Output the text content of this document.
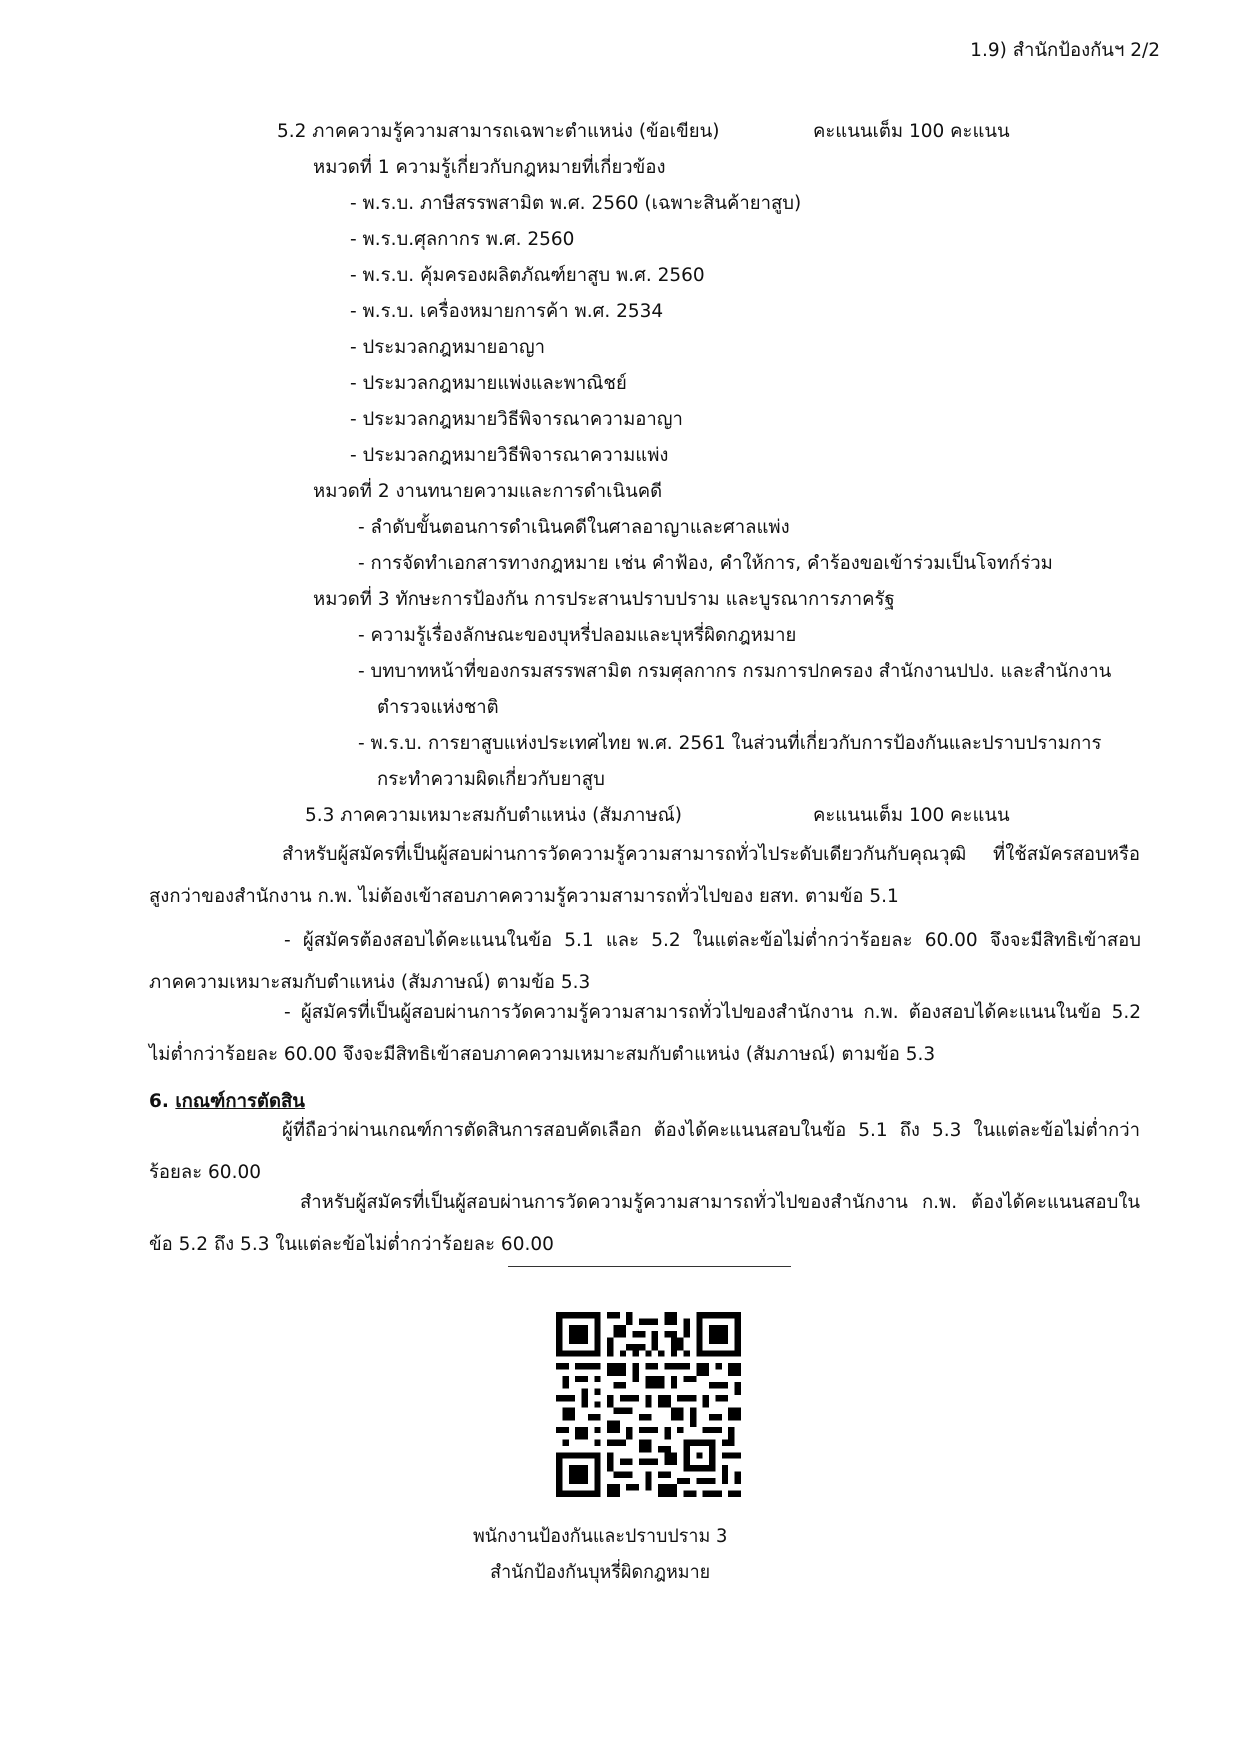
1.9) สำนักป้องกันฯ 2/2
5.2 ภาคความรู้ความสามารถเฉพาะตำแหน่ง (ข้อเขียน)	คะแนนเต็ม 100 คะแนน
หมวดที่ 1 ความรู้เกี่ยวกับกฎหมายที่เกี่ยวข้อง
- พ.ร.บ. ภาษีสรรพสามิต พ.ศ. 2560 (เฉพาะสินค้ายาสูบ)
- พ.ร.บ.ศุลกากร พ.ศ. 2560
- พ.ร.บ. คุ้มครองผลิตภัณฑ์ยาสูบ พ.ศ. 2560
- พ.ร.บ. เครื่องหมายการค้า พ.ศ. 2534
- ประมวลกฎหมายอาญา
- ประมวลกฎหมายแพ่งและพาณิชย์
- ประมวลกฎหมายวิธีพิจารณาความอาญา
- ประมวลกฎหมายวิธีพิจารณาความแพ่ง
หมวดที่ 2 งานทนายความและการดำเนินคดี
- ลำดับขั้นตอนการดำเนินคดีในศาลอาญาและศาลแพ่ง
- การจัดทำเอกสารทางกฎหมาย เช่น คำฟ้อง, คำให้การ, คำร้องขอเข้าร่วมเป็นโจทก์ร่วม
หมวดที่ 3 ทักษะการป้องกัน การประสานปราบปราม และบูรณาการภาครัฐ
- ความรู้เรื่องลักษณะของบุหรี่ปลอมและบุหรี่ผิดกฎหมาย
- บทบาทหน้าที่ของกรมสรรพสามิต กรมศุลกากร กรมการปกครอง สำนักงานปปง. และสำนักงาน
ตำรวจแห่งชาติ
- พ.ร.บ. การยาสูบแห่งประเทศไทย พ.ศ. 2561 ในส่วนที่เกี่ยวกับการป้องกันและปราบปรามการ
กระทำความผิดเกี่ยวกับยาสูบ
5.3 ภาคความเหมาะสมกับตำแหน่ง (สัมภาษณ์)	คะแนนเต็ม 100 คะแนน
สำหรับผู้สมัครที่เป็นผู้สอบผ่านการวัดความรู้ความสามารถทั่วไประดับเดียวกันกับคุณวุฒิ ที่ใช้สมัครสอบหรือ
สูงกว่าของสำนักงาน ก.พ. ไม่ต้องเข้าสอบภาคความรู้ความสามารถทั่วไปของ ยสท. ตามข้อ 5.1
- ผู้สมัครต้องสอบได้คะแนนในข้อ 5.1 และ 5.2 ในแต่ละข้อไม่ต่ำกว่าร้อยละ 60.00 จึงจะมีสิทธิเข้าสอบ
ภาคความเหมาะสมกับตำแหน่ง (สัมภาษณ์) ตามข้อ 5.3
- ผู้สมัครที่เป็นผู้สอบผ่านการวัดความรู้ความสามารถทั่วไปของสำนักงาน ก.พ. ต้องสอบได้คะแนนในข้อ 5.2
ไม่ต่ำกว่าร้อยละ 60.00 จึงจะมีสิทธิเข้าสอบภาคความเหมาะสมกับตำแหน่ง (สัมภาษณ์) ตามข้อ 5.3
6. เกณฑ์การตัดสิน
ผู้ที่ถือว่าผ่านเกณฑ์การตัดสินการสอบคัดเลือก ต้องได้คะแนนสอบในข้อ 5.1 ถึง 5.3 ในแต่ละข้อไม่ต่ำกว่า
ร้อยละ 60.00
สำหรับผู้สมัครที่เป็นผู้สอบผ่านการวัดความรู้ความสามารถทั่วไปของสำนักงาน ก.พ. ต้องได้คะแนนสอบใน
ข้อ 5.2 ถึง 5.3 ในแต่ละข้อไม่ต่ำกว่าร้อยละ 60.00
พนักงานป้องกันและปราบปราม 3
สำนักป้องกันบุหรี่ผิดกฎหมาย
